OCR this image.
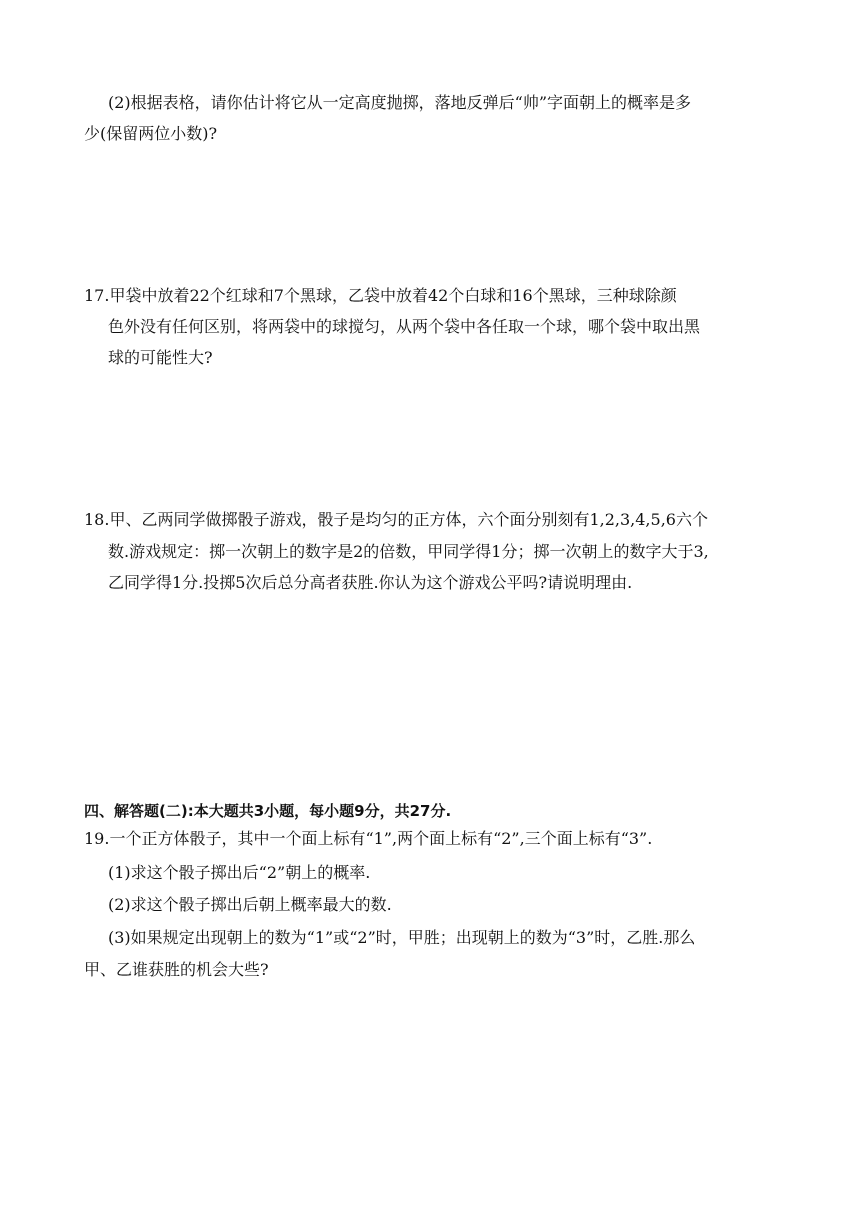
(2)根据表格，请你估计将它从一定高度抛掷，落地反弹后“帅”字面朝上的概率是多
少(保留两位小数)?
17.甲袋中放着22个红球和7个黑球，乙袋中放着42个白球和16个黑球，三种球除颜
色外没有任何区别，将两袋中的球搅匀，从两个袋中各任取一个球，哪个袋中取出黑
球的可能性大?
18.甲、乙两同学做掷骰子游戏，骰子是均匀的正方体，六个面分别刻有1,2,3,4,5,6六个
数.游戏规定：掷一次朝上的数字是2的倍数，甲同学得1分；掷一次朝上的数字大于3,
乙同学得1分.投掷5次后总分高者获胜.你认为这个游戏公平吗?请说明理由.
四、解答题(二):本大题共3小题，每小题9分，共27分.
19.一个正方体骰子，其中一个面上标有“1”,两个面上标有“2”,三个面上标有“3”.
(1)求这个骰子掷出后“2”朝上的概率.
(2)求这个骰子掷出后朝上概率最大的数.
(3)如果规定出现朝上的数为“1”或“2”时，甲胜；出现朝上的数为“3”时，乙胜.那么
甲、乙谁获胜的机会大些?
